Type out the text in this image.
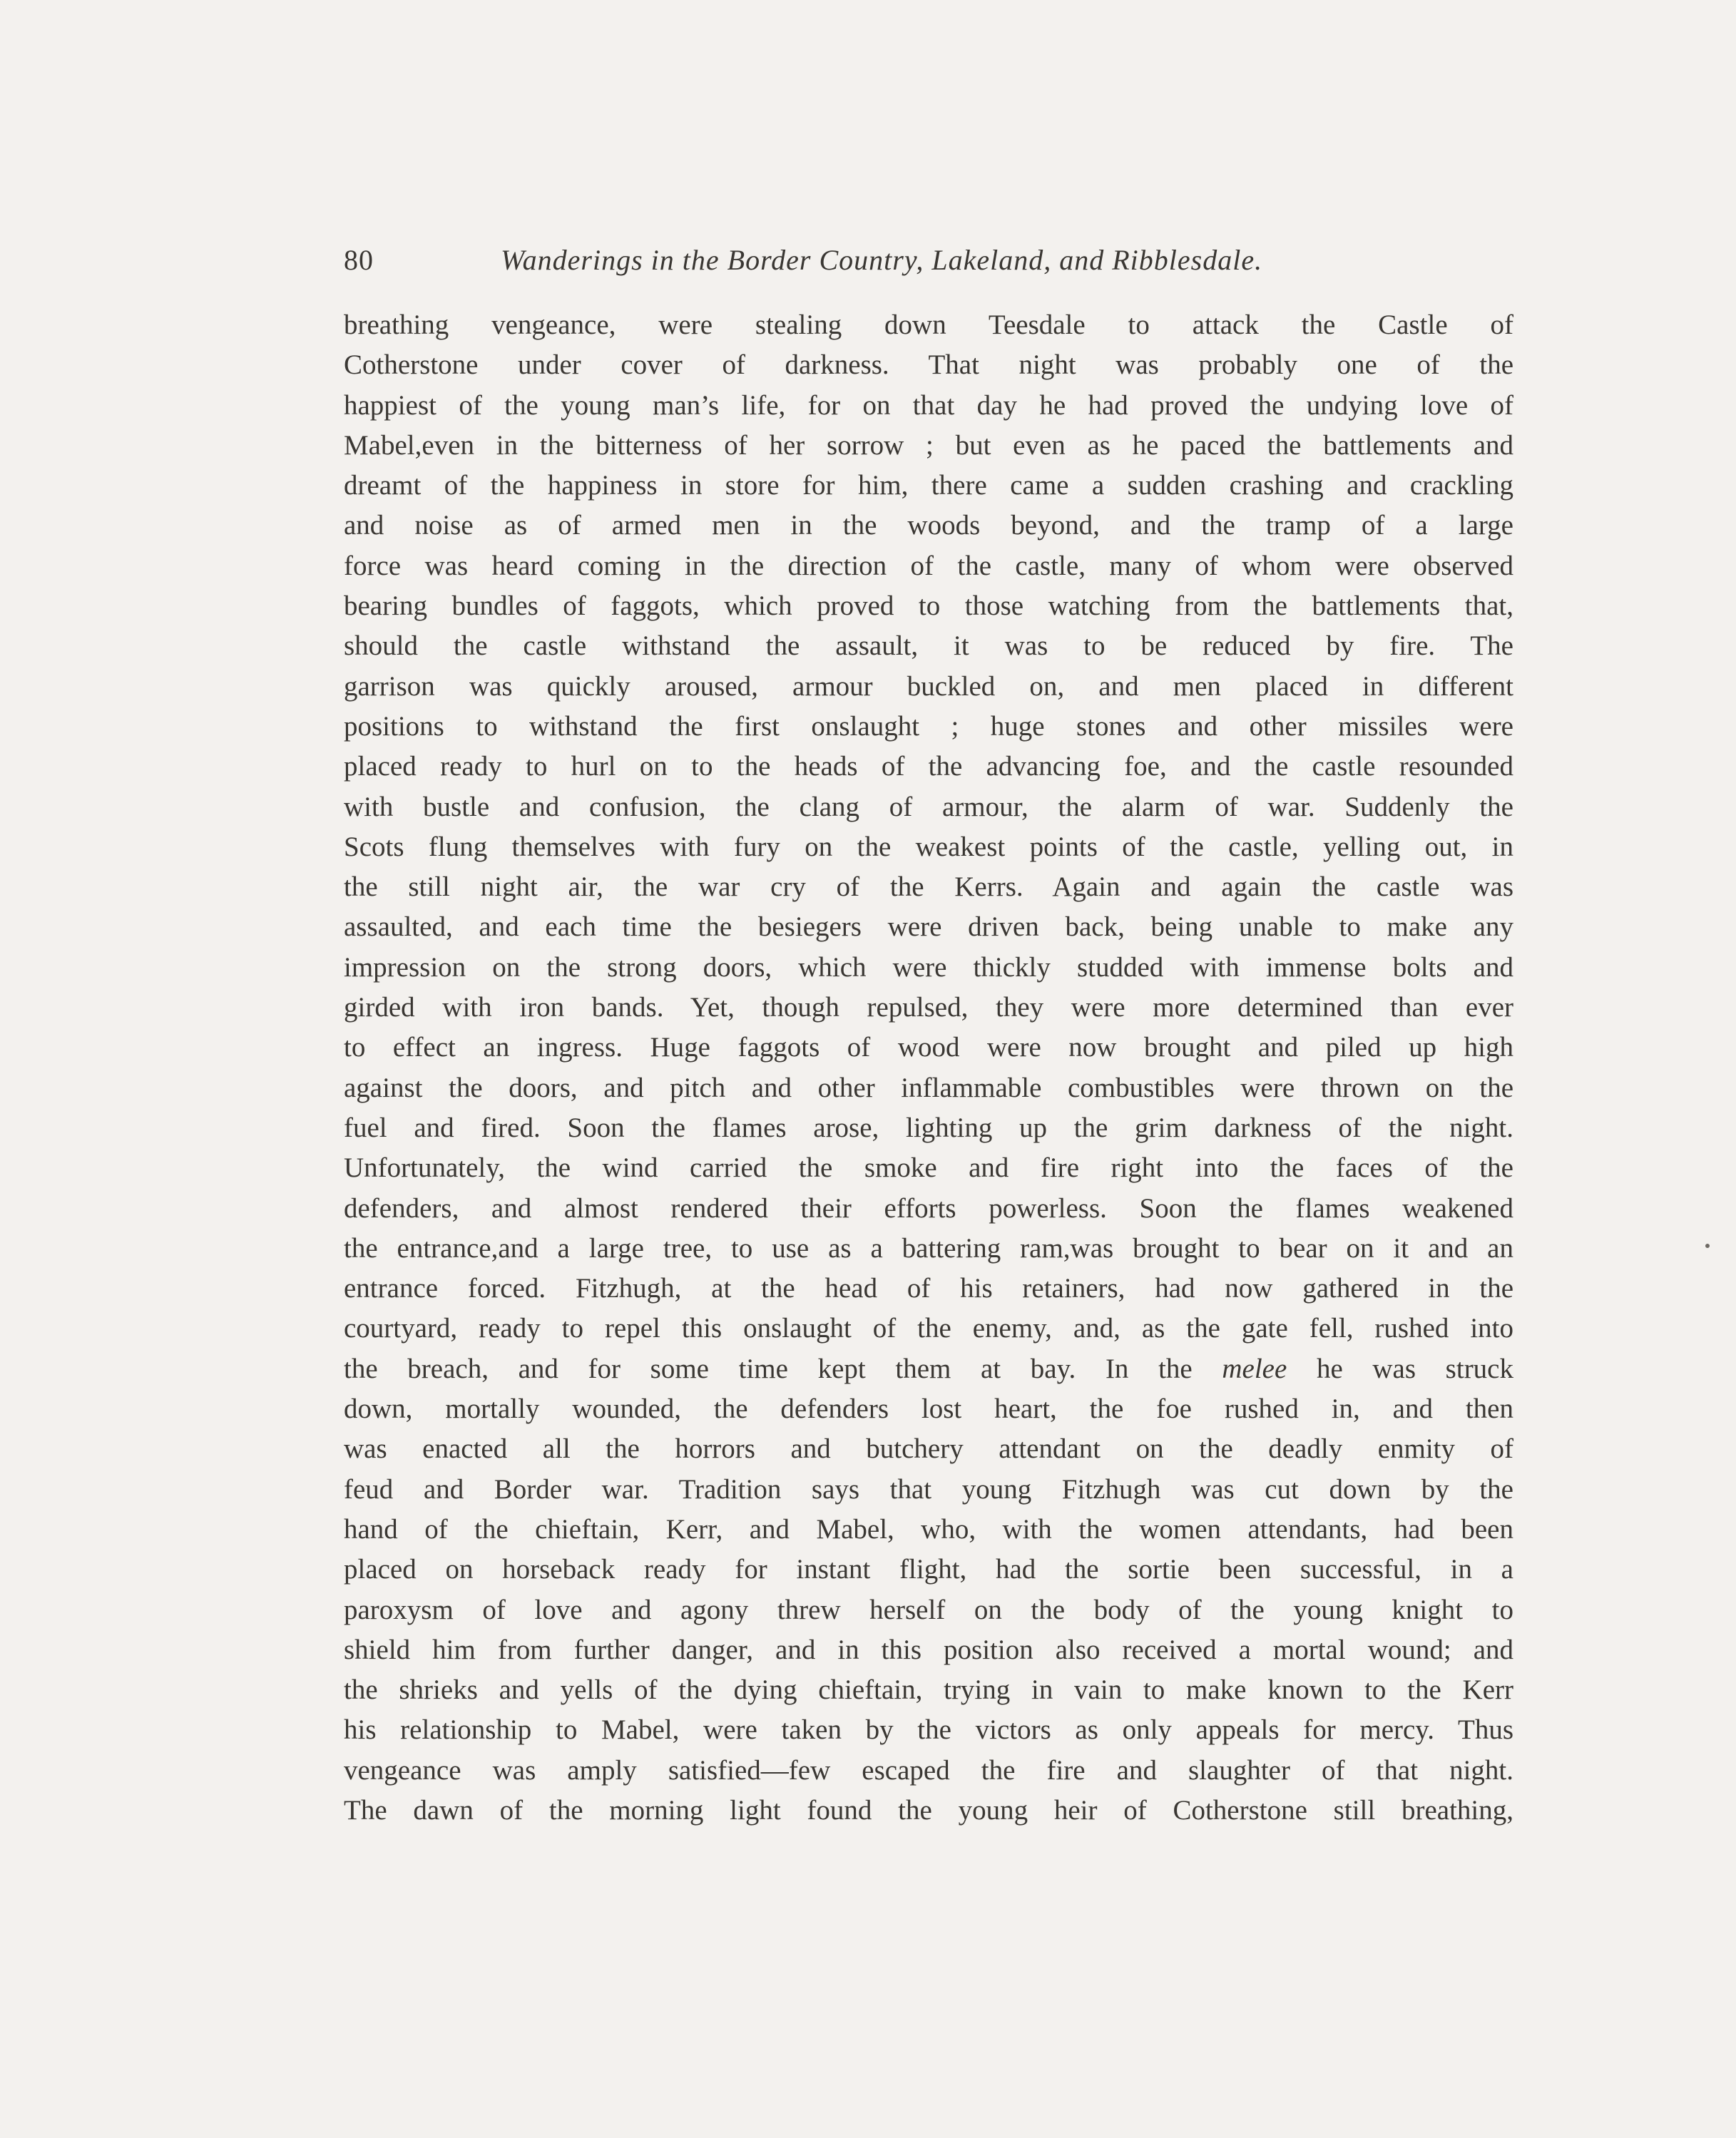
80	Wanderings in the Border Country, Lakeland, and Ribblesdale.
breathing vengeance, were stealing down Teesdale to attack the Castle of
Cotherstone under cover of darkness. That night was probably one of the
happiest of the young man’s life, for on that day he had proved the undying love of
Mabel,even in the bitterness of her sorrow ; but even as he paced the battlements and
dreamt of the happiness in store for him, there came a sudden crashing and crackling
and noise as of armed men in the woods beyond, and the tramp of a large
force was heard coming in the direction of the castle, many of whom were observed
bearing bundles of faggots, which proved to those watching from the battlements that,
should the castle withstand the assault, it was to be reduced by fire. The
garrison was quickly aroused, armour buckled on, and men placed in different
positions to withstand the first onslaught ; huge stones and other missiles were
placed ready to hurl on to the heads of the advancing foe, and the castle resounded
with bustle and confusion, the clang of armour, the alarm of war. Suddenly the
Scots flung themselves with fury on the weakest points of the castle, yelling out, in
the still night air, the war cry of the Kerrs. Again and again the castle was
assaulted, and each time the besiegers were driven back, being unable to make any
impression on the strong doors, which were thickly studded with immense bolts and
girded with iron bands. Yet, though repulsed, they were more determined than ever
to effect an ingress. Huge faggots of wood were now brought and piled up high
against the doors, and pitch and other inflammable combustibles were thrown on the
fuel and fired. Soon the flames arose, lighting up the grim darkness of the night.
Unfortunately, the wind carried the smoke and fire right into the faces of the
defenders, and almost rendered their efforts powerless. Soon the flames weakened
the entrance,and a large tree, to use as a battering ram,was brought to bear on it and an
entrance forced. Fitzhugh, at the head of his retainers, had now gathered in the
courtyard, ready to repel this onslaught of the enemy, and, as the gate fell, rushed into
the breach, and for some time kept them at bay. In the melee he was struck
down, mortally wounded, the defenders lost heart, the foe rushed in, and then
was enacted all the horrors and butchery attendant on the deadly enmity of
feud and Border war. Tradition says that young Fitzhugh was cut down by the
hand of the chieftain, Kerr, and Mabel, who, with the women attendants, had been
placed on horseback ready for instant flight, had the sortie been successful, in a
paroxysm of love and agony threw herself on the body of the young knight to
shield him from further danger, and in this position also received a mortal wound; and
the shrieks and yells of the dying chieftain, trying in vain to make known to the Kerr
his relationship to Mabel, were taken by the victors as only appeals for mercy. Thus
vengeance was amply satisfied—few escaped the fire and slaughter of that night.
The dawn of the morning light found the young heir of Cotherstone still breathing,
